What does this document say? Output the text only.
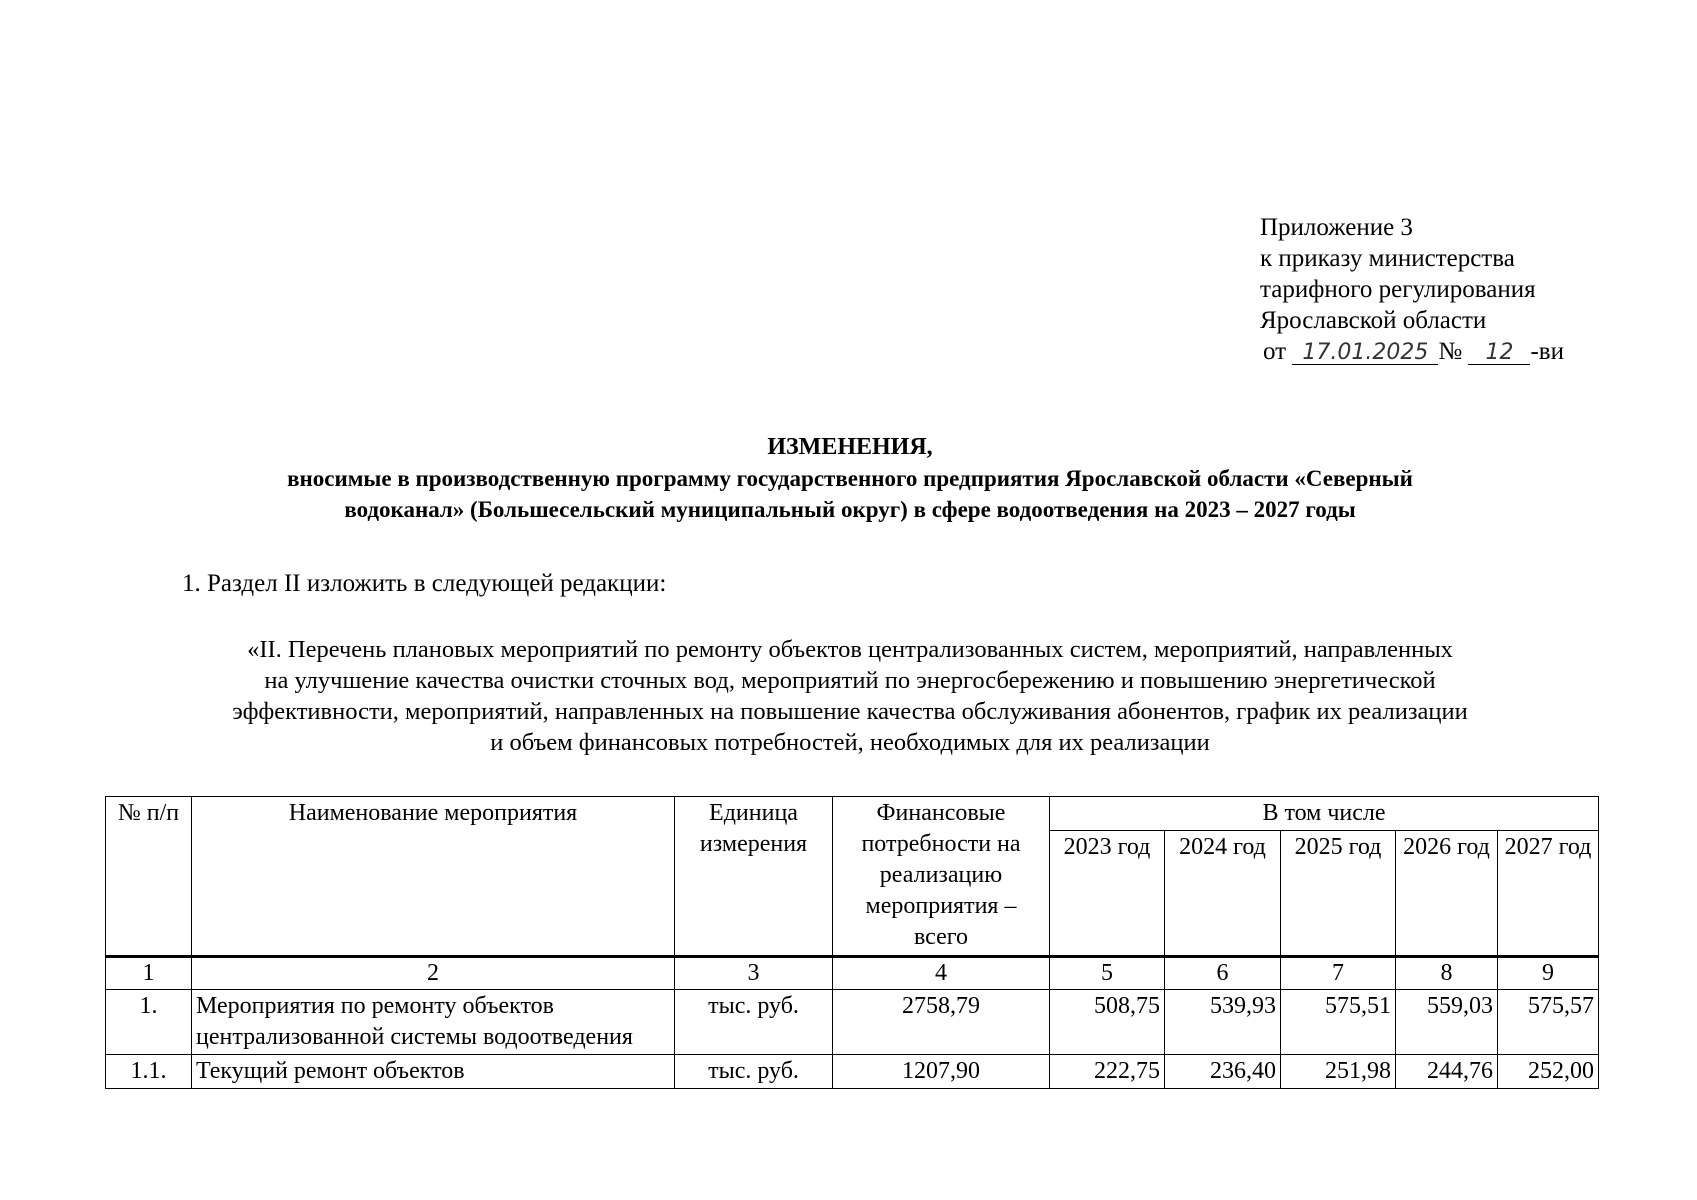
Приложение 3
к приказу министерства
тарифного регулирования
Ярославской области
от 17.01.2025 № 12 -ви
ИЗМЕНЕНИЯ,
вносимые в производственную программу государственного предприятия Ярославской области «Северный
водоканал» (Большесельский муниципальный округ) в сфере водоотведения на 2023 – 2027 годы
1. Раздел II изложить в следующей редакции:
«II. Перечень плановых мероприятий по ремонту объектов централизованных систем, мероприятий, направленных
на улучшение качества очистки сточных вод, мероприятий по энергосбережению и повышению энергетической
эффективности, мероприятий, направленных на повышение качества обслуживания абонентов, график их реализации
и объем финансовых потребностей, необходимых для их реализации
№ п/п	Наименование мероприятия	Единица измерения	Финансовые потребности на реализацию мероприятия – всего	В том числе				
				2023 год	2024 год	2025 год	2026 год	2027 год
1	2	3	4	5	6	7	8	9
1.	Мероприятия по ремонту объектов централизованной системы водоотведения	тыс. руб.	2758,79	508,75	539,93	575,51	559,03	575,57
1.1.	Текущий ремонт объектов	тыс. руб.	1207,90	222,75	236,40	251,98	244,76	252,00
